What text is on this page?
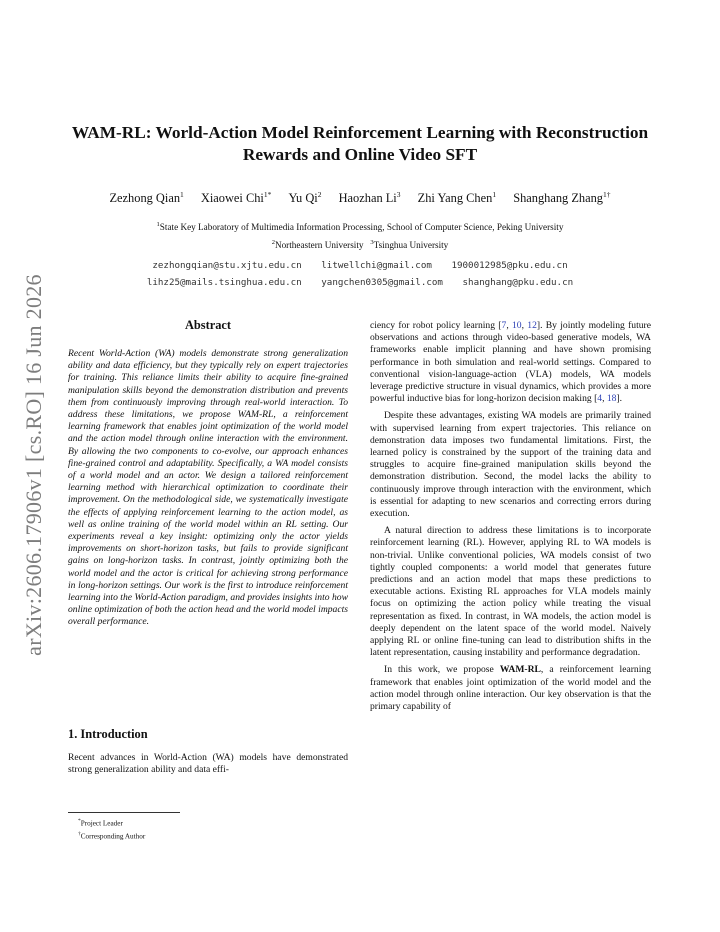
arXiv:2606.17906v1 [cs.RO] 16 Jun 2026
WAM-RL: World-Action Model Reinforcement Learning with Reconstruction
Rewards and Online Video SFT
Zezhong Qian$^1$ Xiaowei Chi$^{1*}$ Yu Qi$^2$ Haozhan Li$^3$ Zhi Yang Chen$^1$ Shanghang Zhang$^{1\dagger}$
$^1$State Key Laboratory of Multimedia Information Processing, School of Computer Science, Peking University
$^2$Northeastern University $^3$Tsinghua University
zezhongqian@stu.xjtu.edu.cn litwellchi@gmail.com 1900012985@pku.edu.cn
lihz25@mails.tsinghua.edu.cn yangchen0305@gmail.com shanghang@pku.edu.cn
Abstract
Recent World-Action (WA) models demonstrate strong generalization ability and data efficiency, but they typically rely on expert trajectories for training. This reliance limits their ability to acquire fine-grained manipulation skills beyond the demonstration distribution and prevents them from continuously improving through real-world interaction. To address these limitations, we propose WAM-RL, a reinforcement learning framework that enables joint optimization of the world model and the action model through online interaction with the environment. By allowing the two components to co-evolve, our approach enhances fine-grained control and adaptability. Specifically, a WA model consists of a world model and an actor. We design a tailored reinforcement learning method with hierarchical optimization to coordinate their improvement. On the methodological side, we systematically investigate the effects of applying reinforcement learning to the action model, as well as online training of the world model within an RL setting. Our experiments reveal a key insight: optimizing only the actor yields improvements on short-horizon tasks, but fails to provide significant gains on long-horizon tasks. In contrast, jointly optimizing both the world model and the actor is critical for achieving strong performance in long-horizon settings. Our work is the first to introduce reinforcement learning into the World-Action paradigm, and provides insights into how online optimization of both the action head and the world model impacts overall performance.
1. Introduction
Recent advances in World-Action (WA) models have demonstrated strong generalization ability and data effi-

ciency for robot policy learning [7, 10, 12]. By jointly modeling future observations and actions through video-based generative models, WA frameworks enable implicit planning and have shown promising performance in both simulation and real-world settings. Compared to conventional vision-language-action (VLA) models, WA models leverage predictive structure in visual dynamics, which provides a more powerful inductive bias for long-horizon decision making [4, 18].

Despite these advantages, existing WA models are primarily trained with supervised learning from expert trajectories. This reliance on demonstration data imposes two fundamental limitations. First, the learned policy is constrained by the support of the training data and struggles to acquire fine-grained manipulation skills beyond the demonstration distribution. Second, the model lacks the ability to continuously improve through interaction with the environment, which is essential for adapting to new scenarios and correcting errors during execution.

A natural direction to address these limitations is to incorporate reinforcement learning (RL). However, applying RL to WA models is non-trivial. Unlike conventional policies, WA models consist of two tightly coupled components: a world model that generates future predictions and an action model that maps these predictions to executable actions. Existing RL approaches for VLA models mainly focus on optimizing the action policy while treating the visual representation as fixed. In contrast, in WA models, the action model is deeply dependent on the latent space of the world model. Naively applying RL or online fine-tuning can lead to distribution shifts in the latent representation, causing instability and performance degradation.

In this work, we propose WAM-RL, a reinforcement learning framework that enables joint optimization of the world model and the action model through online interaction. Our key observation is that the primary capability of

*Project Leader
†Corresponding Author
